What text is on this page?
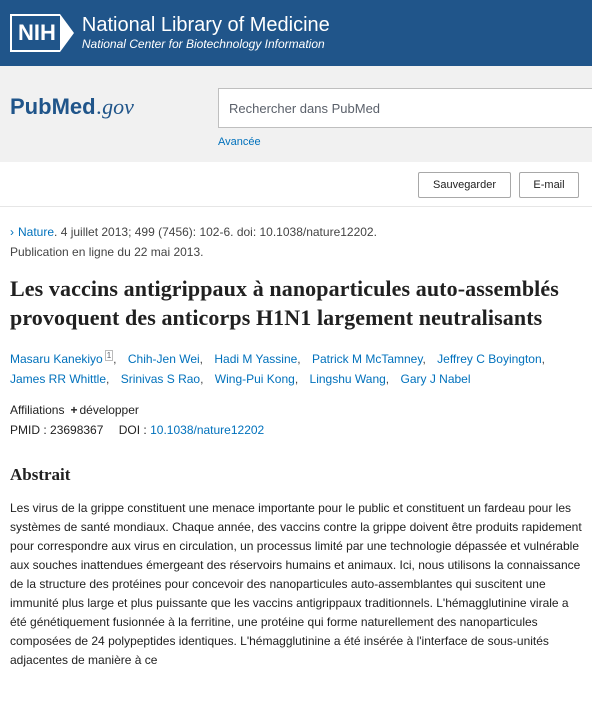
NIH National Library of Medicine
National Center for Biotechnology Information
Pub Med .gov
Rechercher dans PubMed
Avancée
Sauvegarder	E-mail
› Nature. 4 juillet 2013; 499 (7456): 102-6. doi: 10.1038/nature12202.
Publication en ligne du 22 mai 2013.
Les vaccins antigrippaux à nanoparticules auto-assemblés provoquent des anticorps H1N1 largement neutralisants
Masaru Kanekiyo $^1$ , Chih-Jen Wei, Hadi M Yassine, Patrick M McTamney, Jeffrey C Boyington, James RR Whittle, Srinivas S Rao, Wing-Pui Kong, Lingshu Wang, Gary J Nabel
Affiliations + développer
PMID : 23698367 DOI : 10.1038/nature12202
Abstrait

Les virus de la grippe constituent une menace importante pour le public et constituent un fardeau pour les systèmes de santé mondiaux. Chaque année, des vaccins contre la grippe doivent être produits rapidement pour correspondre aux virus en circulation, un processus limité par une technologie dépassée et vulnérable aux souches inattendues émergeant des réservoirs humains et animaux. Ici, nous utilisons la connaissance de la structure des protéines pour concevoir des nanoparticules auto-assemblantes qui suscitent une immunité plus large et plus puissante que les vaccins antigrippaux traditionnels. L'hémagglutinine virale a été génétiquement fusionnée à la ferritine, une protéine qui forme naturellement des nanoparticules composées de 24 polypeptides identiques. L'hémagglutinine a été insérée à l'interface de sous-unités adjacentes de manière à ce
